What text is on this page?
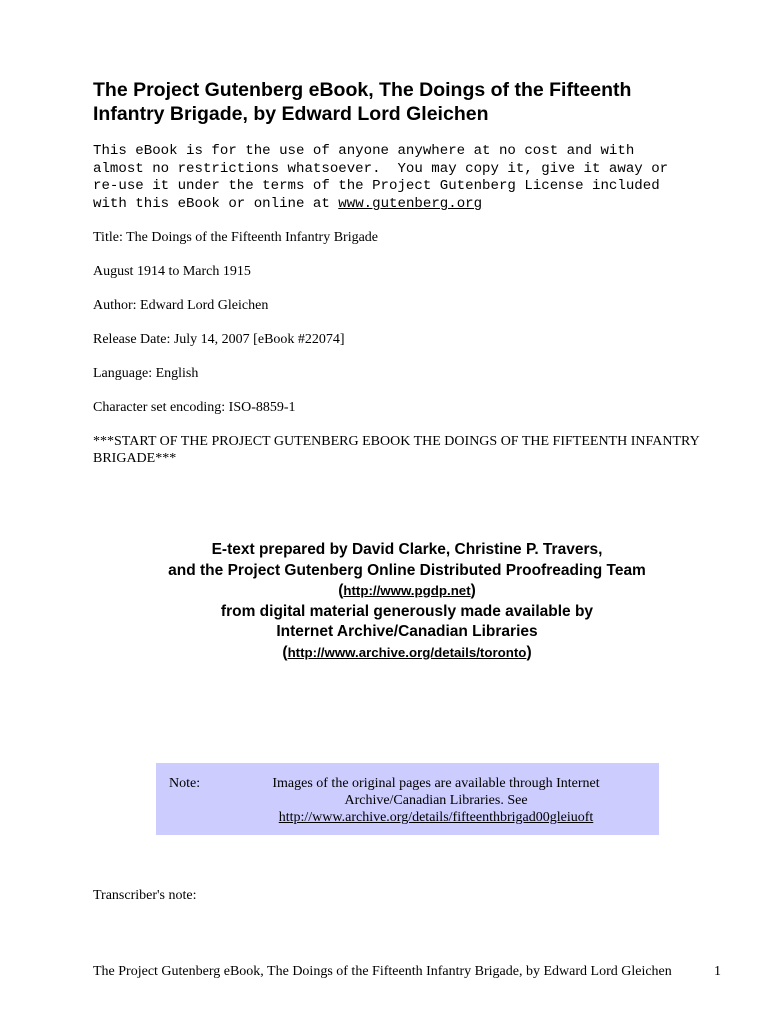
The Project Gutenberg eBook, The Doings of the Fifteenth
Infantry Brigade, by Edward Lord Gleichen

This eBook is for the use of anyone anywhere at no cost and with
almost no restrictions whatsoever.  You may copy it, give it away or
re-use it under the terms of the Project Gutenberg License included
with this eBook or online at www.gutenberg.org

Title: The Doings of the Fifteenth Infantry Brigade

August 1914 to March 1915

Author: Edward Lord Gleichen

Release Date: July 14, 2007 [eBook #22074]

Language: English

Character set encoding: ISO-8859-1

***START OF THE PROJECT GUTENBERG EBOOK THE DOINGS OF THE FIFTEENTH INFANTRY BRIGADE***

E-text prepared by David Clarke, Christine P. Travers,
and the Project Gutenberg Online Distributed Proofreading Team
(http://www.pgdp.net)
from digital material generously made available by
Internet Archive/Canadian Libraries
(http://www.archive.org/details/toronto)
Note:	Images of the original pages are available through Internet
Archive/Canadian Libraries. See
http://www.archive.org/details/fifteenthbrigad00gleiuoft

Transcriber's note:

The Project Gutenberg eBook, The Doings of the Fifteenth Infantry Brigade, by Edward Lord Gleichen	1
